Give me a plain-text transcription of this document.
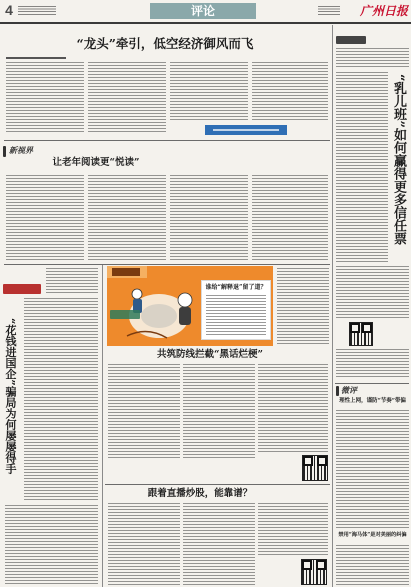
4	评论	广州日报
“龙头”牵引，低空经济御风而飞
新视界
让老年阅读更“悦读”
“花钱进国企”骗局为何屡屡得手
谁给“解释退”留了道？
共筑防线拦截“黑话烂梗”
跟着直播炒股，能靠谱？
“乳儿班”如何赢得更多信任票
微评
理性上网，谨防“节奏”带偏
禁用“海马体”是对美丽的纠偏
